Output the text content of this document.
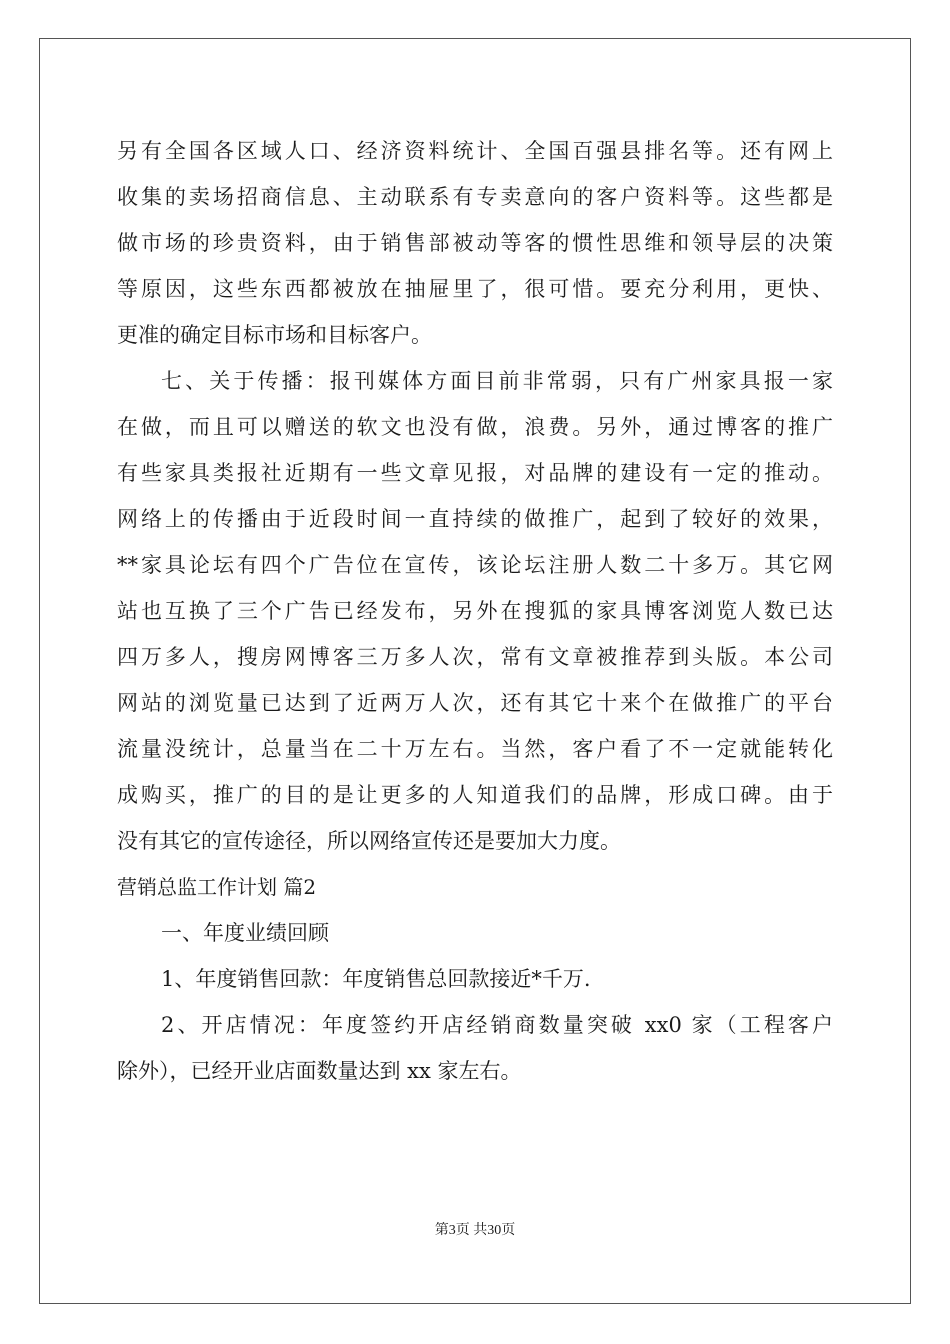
另有全国各区域人口、经济资料统计、全国百强县排名等。还有网上
收集的卖场招商信息、主动联系有专卖意向的客户资料等。这些都是
做市场的珍贵资料，由于销售部被动等客的惯性思维和领导层的决策
等原因，这些东西都被放在抽屉里了，很可惜。要充分利用，更快、
更准的确定目标市场和目标客户。
七、关于传播：报刊媒体方面目前非常弱，只有广州家具报一家
在做，而且可以赠送的软文也没有做，浪费。另外，通过博客的推广
有些家具类报社近期有一些文章见报，对品牌的建设有一定的推动。
网络上的传播由于近段时间一直持续的做推广，起到了较好的效果，
**家具论坛有四个广告位在宣传，该论坛注册人数二十多万。其它网
站也互换了三个广告已经发布，另外在搜狐的家具博客浏览人数已达
四万多人，搜房网博客三万多人次，常有文章被推荐到头版。本公司
网站的浏览量已达到了近两万人次，还有其它十来个在做推广的平台
流量没统计，总量当在二十万左右。当然，客户看了不一定就能转化
成购买，推广的目的是让更多的人知道我们的品牌，形成口碑。由于
没有其它的宣传途径，所以网络宣传还是要加大力度。
营销总监工作计划 篇2
一、年度业绩回顾
1、年度销售回款：年度销售总回款接近*千万.
2、开店情况：年度签约开店经销商数量突破 xx0 家（工程客户
除外），已经开业店面数量达到 xx 家左右。
第3页 共30页
